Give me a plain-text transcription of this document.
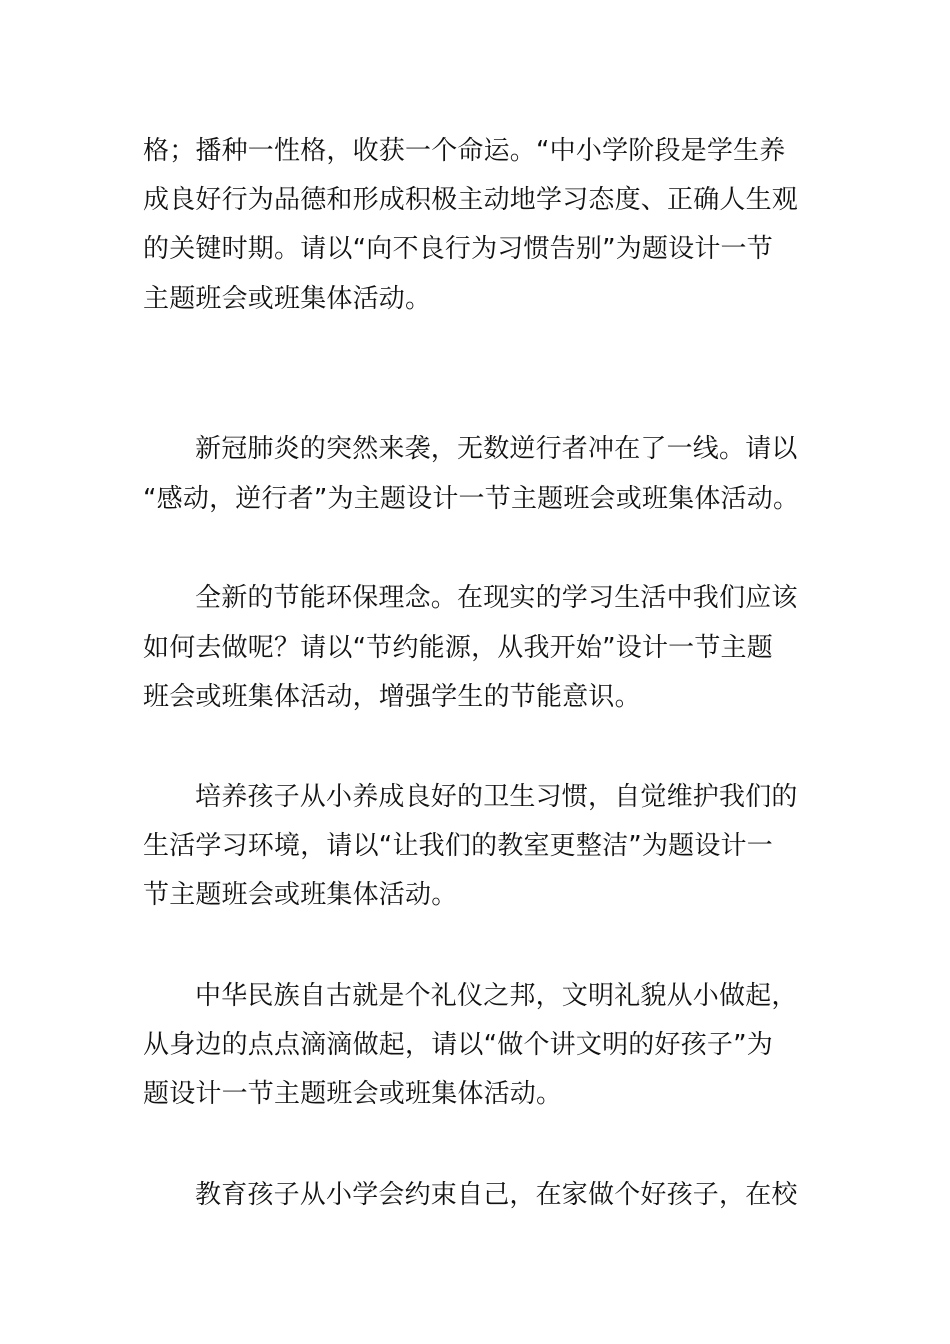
格；播种一性格，收获一个命运。“中小学阶段是学生养
成良好行为品德和形成积极主动地学习态度、正确人生观
的关键时期。请以“向不良行为习惯告别”为题设计一节
主题班会或班集体活动。
新冠肺炎的突然来袭，无数逆行者冲在了一线。请以
“感动，逆行者”为主题设计一节主题班会或班集体活动。
全新的节能环保理念。在现实的学习生活中我们应该
如何去做呢？请以“节约能源，从我开始”设计一节主题
班会或班集体活动，增强学生的节能意识。
培养孩子从小养成良好的卫生习惯，自觉维护我们的
生活学习环境，请以“让我们的教室更整洁”为题设计一
节主题班会或班集体活动。
中华民族自古就是个礼仪之邦，文明礼貌从小做起，
从身边的点点滴滴做起，请以“做个讲文明的好孩子”为
题设计一节主题班会或班集体活动。
教育孩子从小学会约束自己，在家做个好孩子，在校
